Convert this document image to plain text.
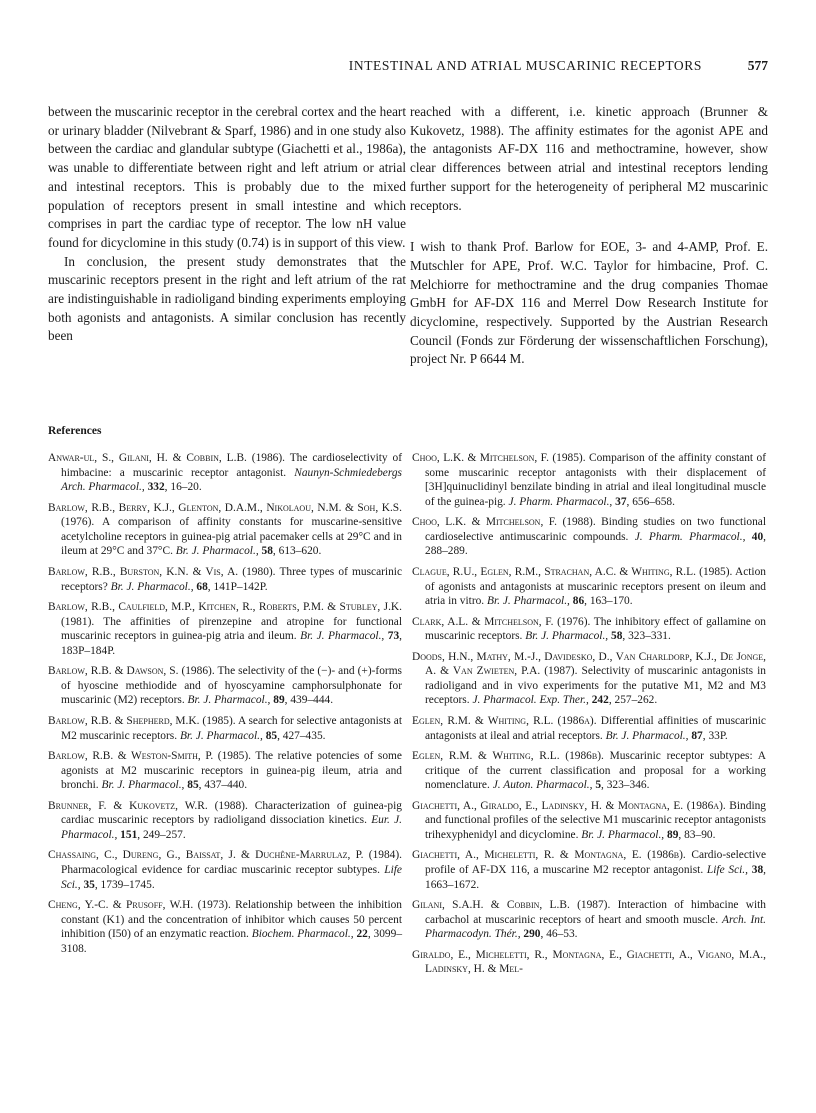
INTESTINAL AND ATRIAL MUSCARINIC RECEPTORS	577

between the muscarinic receptor in the cerebral cortex and the heart or urinary bladder (Nilvebrant & Sparf, 1986) and in one study also between the cardiac and glandular subtype (Giachetti et al., 1986a), was unable to differentiate between right and left atrium or atrial and intestinal receptors. This is probably due to the mixed population of receptors present in small intestine and which comprises in part the cardiac type of receptor. The low nH value found for dicyclomine in this study (0.74) is in support of this view.

In conclusion, the present study demonstrates that the muscarinic receptors present in the right and left atrium of the rat are indistinguishable in radioligand binding experiments employing both agonists and antagonists. A similar conclusion has recently been

reached with a different, i.e. kinetic approach (Brunner & Kukovetz, 1988). The affinity estimates for the agonist APE and the antagonists AF-DX 116 and methoctramine, however, show clear differences between atrial and intestinal receptors lending further support for the heterogeneity of peripheral M2 muscarinic receptors.

I wish to thank Prof. Barlow for EOE, 3- and 4-AMP, Prof. E. Mutschler for APE, Prof. W.C. Taylor for himbacine, Prof. C. Melchiorre for methoctramine and the drug companies Thomae GmbH for AF-DX 116 and Merrel Dow Research Institute for dicyclomine, respectively. Supported by the Austrian Research Council (Fonds zur Förderung der wissenschaftlichen Forschung), project Nr. P 6644 M.

References

Anwar-ul, S., Gilani, H. & Cobbin, L.B. (1986). The cardioselectivity of himbacine: a muscarinic receptor antagonist. Naunyn-Schmiedebergs Arch. Pharmacol., 332, 16–20.

Barlow, R.B., Berry, K.J., Glenton, D.A.M., Nikolaou, N.M. & Soh, K.S. (1976). A comparison of affinity constants for muscarine-sensitive acetylcholine receptors in guinea-pig atrial pacemaker cells at 29°C and in ileum at 29°C and 37°C. Br. J. Pharmacol., 58, 613–620.

Barlow, R.B., Burston, K.N. & Vis, A. (1980). Three types of muscarinic receptors? Br. J. Pharmacol., 68, 141P–142P.

Barlow, R.B., Caulfield, M.P., Kitchen, R., Roberts, P.M. & Stubley, J.K. (1981). The affinities of pirenzepine and atropine for functional muscarinic receptors in guinea-pig atria and ileum. Br. J. Pharmacol., 73, 183P–184P.

Barlow, R.B. & Dawson, S. (1986). The selectivity of the (−)- and (+)-forms of hyoscine methiodide and of hyoscyamine camphorsulphonate for muscarinic (M2) receptors. Br. J. Pharmacol., 89, 439–444.

Barlow, R.B. & Shepherd, M.K. (1985). A search for selective antagonists at M2 muscarinic receptors. Br. J. Pharmacol., 85, 427–435.

Barlow, R.B. & Weston-Smith, P. (1985). The relative potencies of some agonists at M2 muscarinic receptors in guinea-pig ileum, atria and bronchi. Br. J. Pharmacol., 85, 437–440.

Brunner, F. & Kukovetz, W.R. (1988). Characterization of guinea-pig cardiac muscarinic receptors by radioligand dissociation kinetics. Eur. J. Pharmacol., 151, 249–257.

Chassaing, C., Dureng, G., Baissat, J. & Duchêne-Marrulaz, P. (1984). Pharmacological evidence for cardiac muscarinic receptor subtypes. Life Sci., 35, 1739–1745.

Cheng, Y.-C. & Prusoff, W.H. (1973). Relationship between the inhibition constant (K1) and the concentration of inhibitor which causes 50 percent inhibition (I50) of an enzymatic reaction. Biochem. Pharmacol., 22, 3099–3108.

Choo, L.K. & Mitchelson, F. (1985). Comparison of the affinity constant of some muscarinic receptor antagonists with their displacement of [3H]quinuclidinyl benzilate binding in atrial and ileal longitudinal muscle of the guinea-pig. J. Pharm. Pharmacol., 37, 656–658.

Choo, L.K. & Mitchelson, F. (1988). Binding studies on two functional cardioselective antimuscarinic compounds. J. Pharm. Pharmacol., 40, 288–289.

Clague, R.U., Eglen, R.M., Strachan, A.C. & Whiting, R.L. (1985). Action of agonists and antagonists at muscarinic receptors present on ileum and atria in vitro. Br. J. Pharmacol., 86, 163–170.

Clark, A.L. & Mitchelson, F. (1976). The inhibitory effect of gallamine on muscarinic receptors. Br. J. Pharmacol., 58, 323–331.

Doods, H.N., Mathy, M.-J., Davidesko, D., Van Charldorp, K.J., De Jonge, A. & Van Zwieten, P.A. (1987). Selectivity of muscarinic antagonists in radioligand and in vivo experiments for the putative M1, M2 and M3 receptors. J. Pharmacol. Exp. Ther., 242, 257–262.

Eglen, R.M. & Whiting, R.L. (1986a). Differential affinities of muscarinic antagonists at ileal and atrial receptors. Br. J. Pharmacol., 87, 33P.

Eglen, R.M. & Whiting, R.L. (1986b). Muscarinic receptor subtypes: A critique of the current classification and proposal for a working nomenclature. J. Auton. Pharmacol., 5, 323–346.

Giachetti, A., Giraldo, E., Ladinsky, H. & Montagna, E. (1986a). Binding and functional profiles of the selective M1 muscarinic receptor antagonists trihexyphenidyl and dicyclomine. Br. J. Pharmacol., 89, 83–90.

Giachetti, A., Micheletti, R. & Montagna, E. (1986b). Cardio-selective profile of AF-DX 116, a muscarine M2 receptor antagonist. Life Sci., 38, 1663–1672.

Gilani, S.A.H. & Cobbin, L.B. (1987). Interaction of himbacine with carbachol at muscarinic receptors of heart and smooth muscle. Arch. Int. Pharmacodyn. Thér., 290, 46–53.

Giraldo, E., Micheletti, R., Montagna, E., Giachetti, A., Vigano, M.A., Ladinsky, H. & Mel-
